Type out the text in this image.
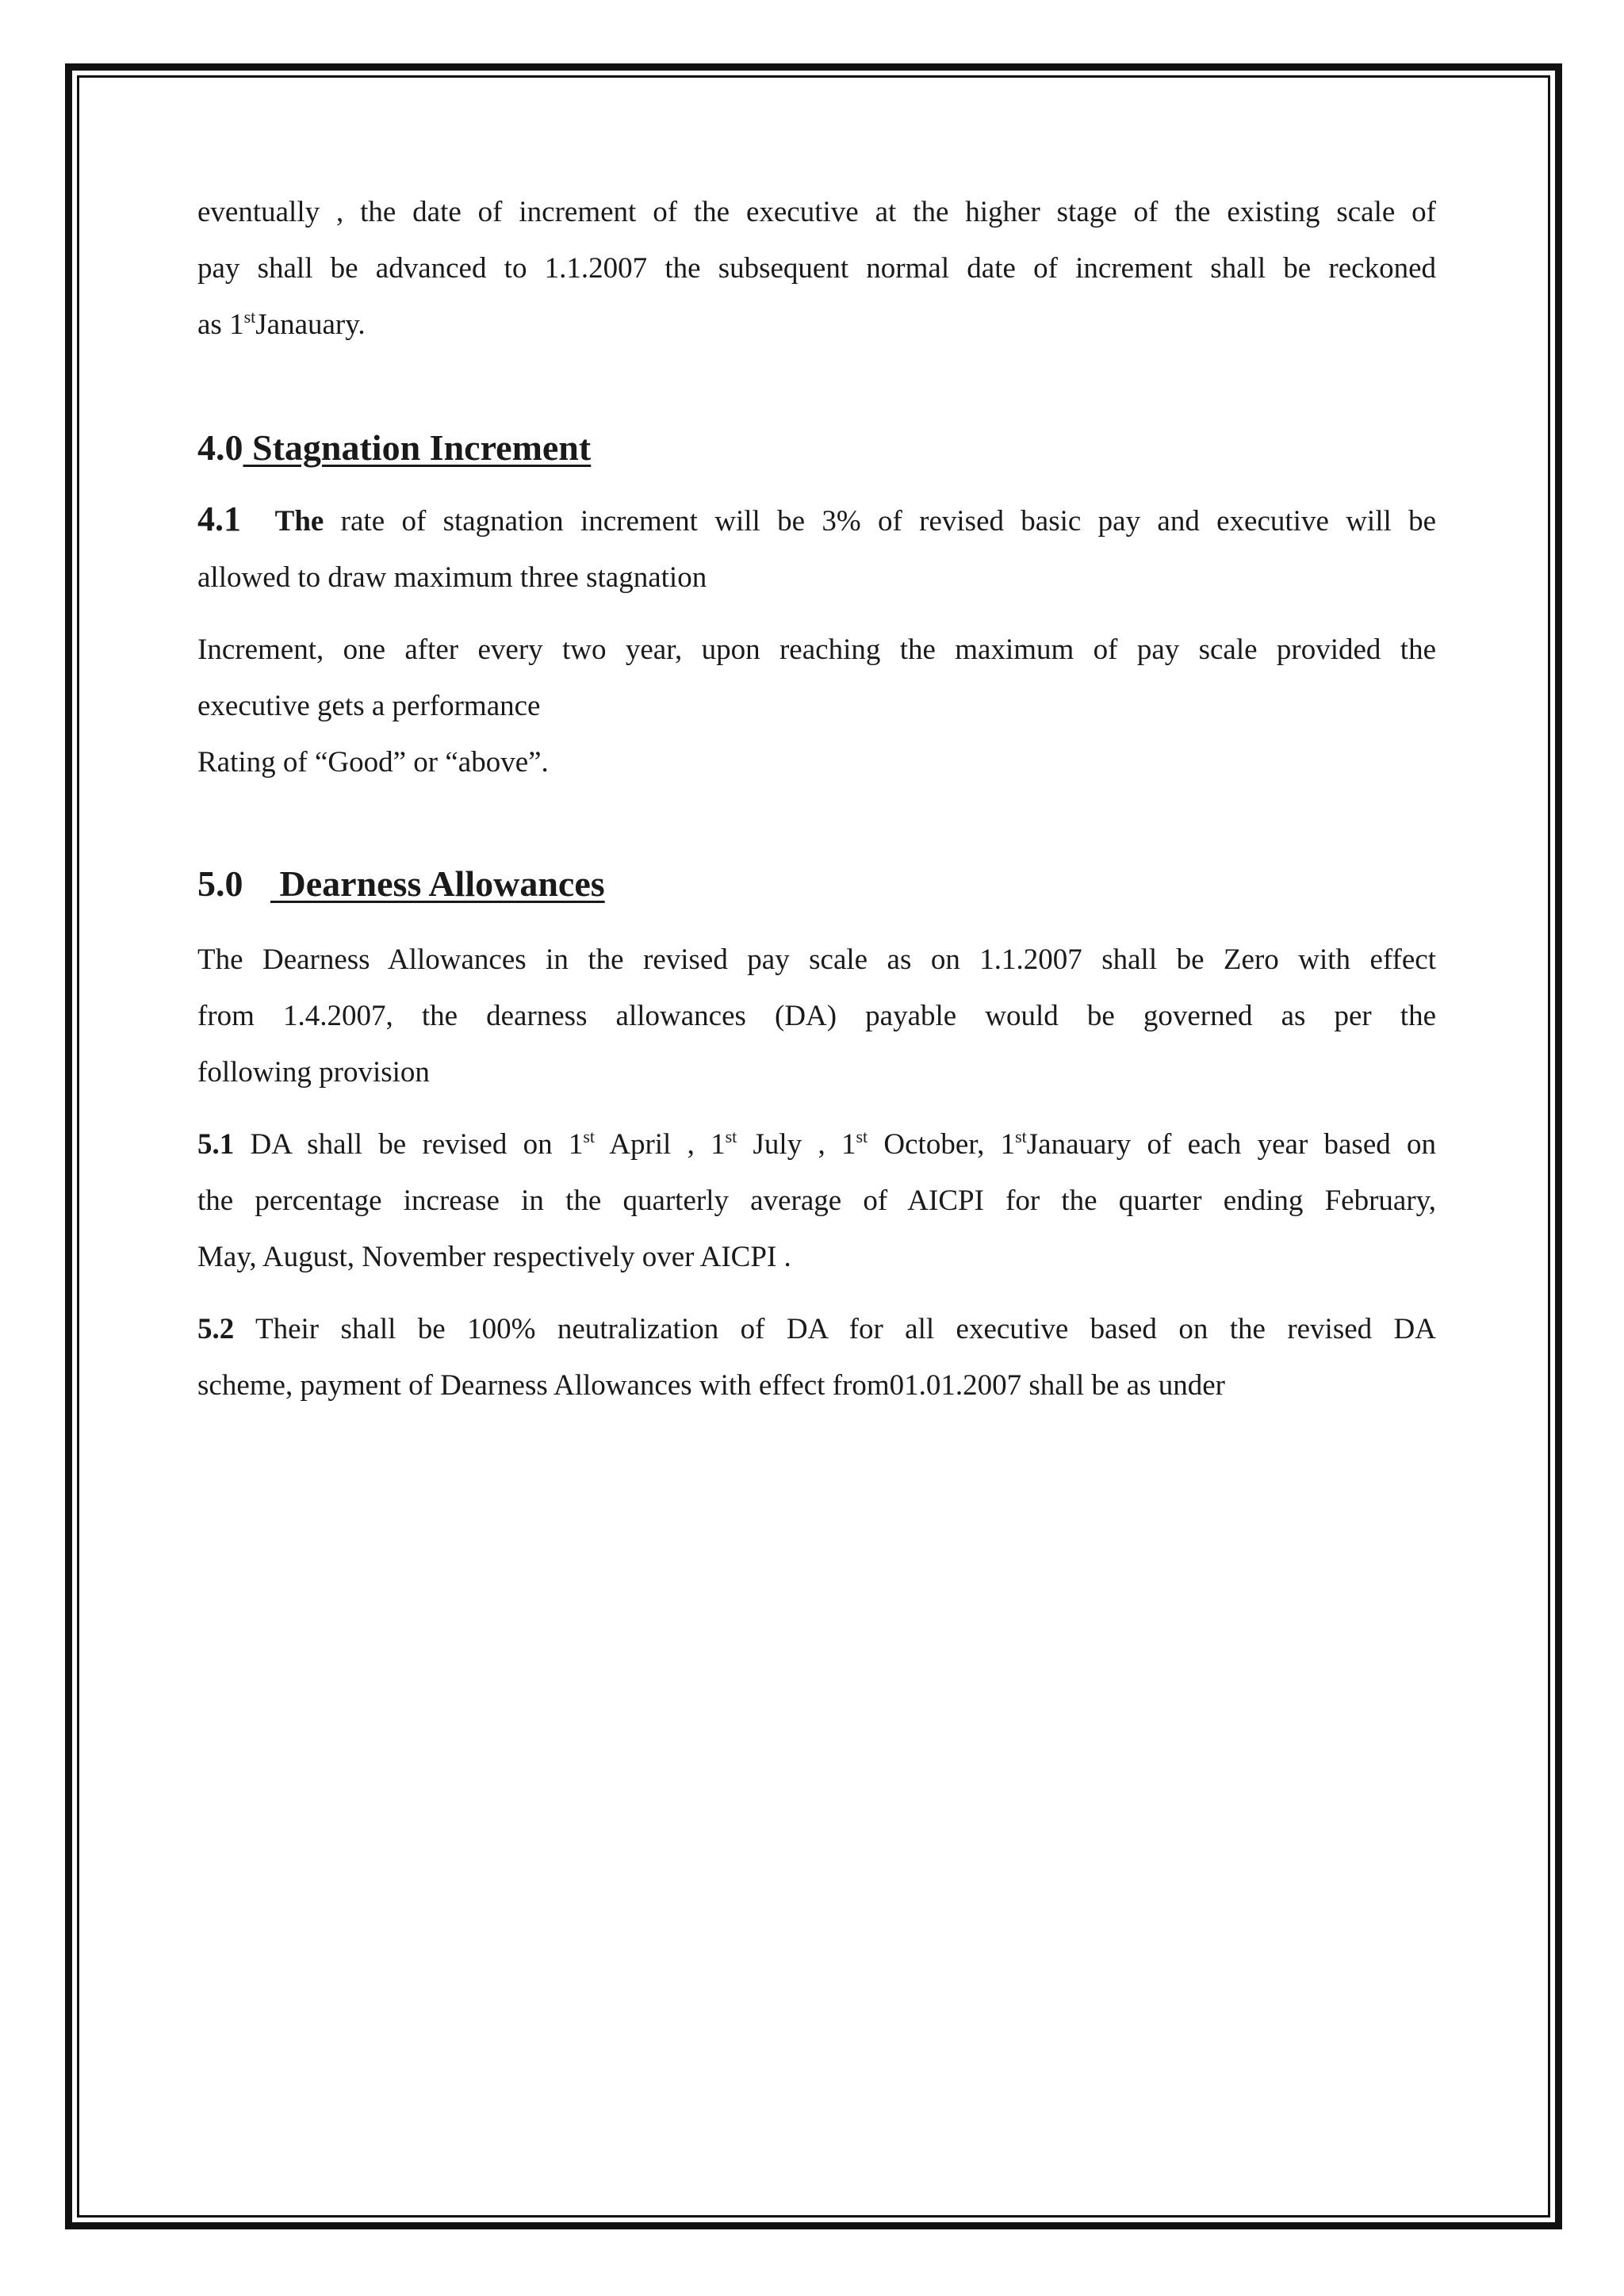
eventually , the date of increment of the executive at the higher stage of the existing scale of
pay shall be advanced to 1.1.2007 the subsequent normal date of increment shall be reckoned
as 1stJanauary.
4.0 Stagnation Increment
4.1 The rate of stagnation increment will be 3% of revised basic pay and executive will be
allowed to draw maximum three stagnation
Increment, one after every two year, upon reaching the maximum of pay scale provided the
executive gets a performance
Rating of “Good” or “above”.
5.0 Dearness Allowances
The Dearness Allowances in the revised pay scale as on 1.1.2007 shall be Zero with effect
from 1.4.2007, the dearness allowances (DA) payable would be governed as per the
following provision
5.1 DA shall be revised on 1st April , 1st July , 1st October, 1stJanauary of each year based on
the percentage increase in the quarterly average of AICPI for the quarter ending February,
May, August, November respectively over AICPI .
5.2 Their shall be 100% neutralization of DA for all executive based on the revised DA
scheme, payment of Dearness Allowances with effect from01.01.2007 shall be as under
